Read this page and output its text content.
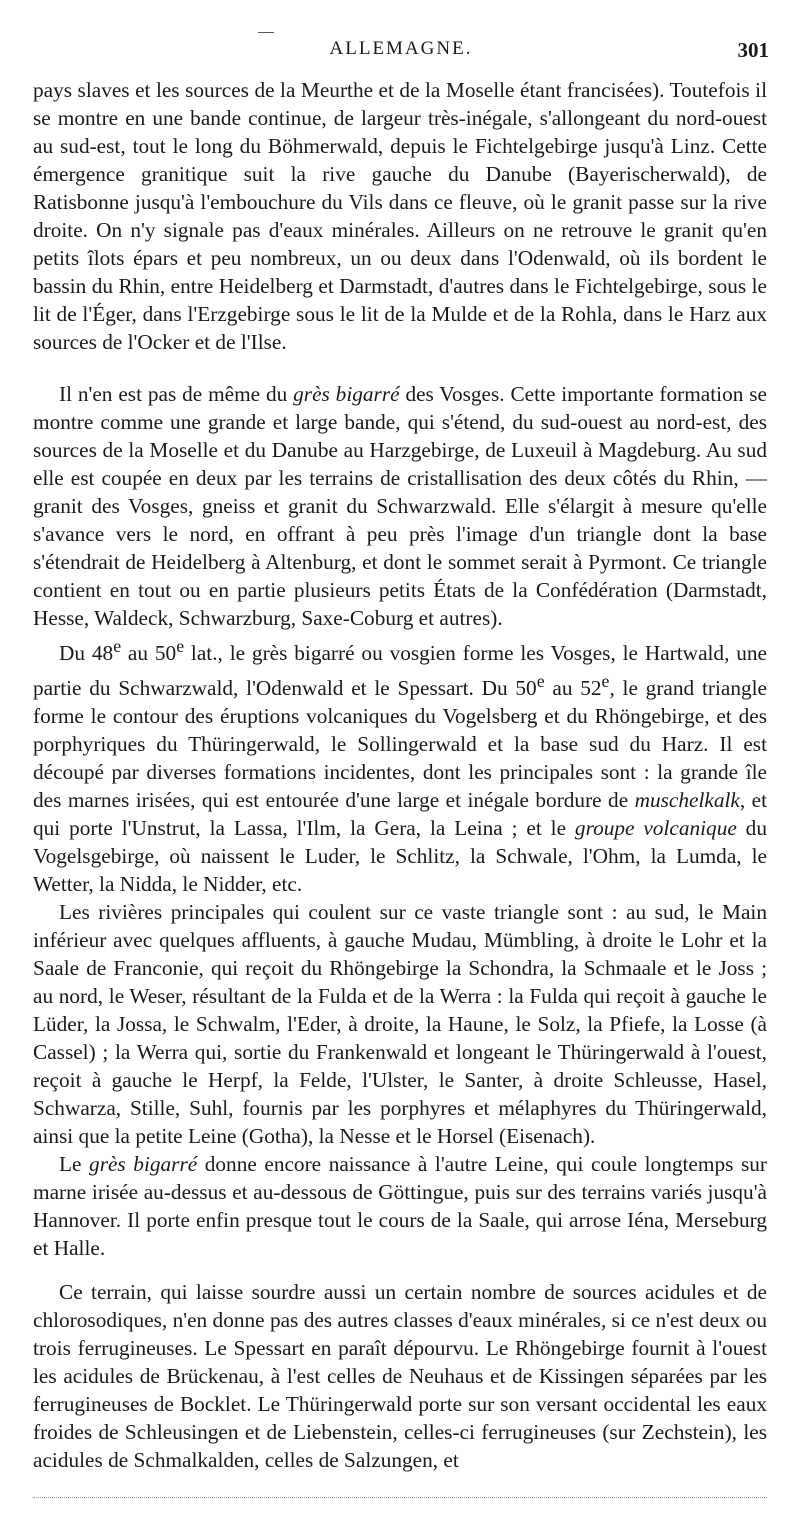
ALLEMAGNE.	301

pays slaves et les sources de la Meurthe et de la Moselle étant francisées). Toutefois il se montre en une bande continue, de largeur très-inégale, s'allongeant du nord-ouest au sud-est, tout le long du Böhmerwald, depuis le Fichtelgebirge jusqu'à Linz. Cette émergence granitique suit la rive gauche du Danube (Bayerischerwald), de Ratisbonne jusqu'à l'embouchure du Vils dans ce fleuve, où le granit passe sur la rive droite. On n'y signale pas d'eaux minérales. Ailleurs on ne retrouve le granit qu'en petits îlots épars et peu nombreux, un ou deux dans l'Odenwald, où ils bordent le bassin du Rhin, entre Heidelberg et Darmstadt, d'autres dans le Fichtelgebirge, sous le lit de l'Éger, dans l'Erzgebirge sous le lit de la Mulde et de la Rohla, dans le Harz aux sources de l'Ocker et de l'Ilse.

Il n'en est pas de même du grès bigarré des Vosges. Cette importante formation se montre comme une grande et large bande, qui s'étend, du sud-ouest au nord-est, des sources de la Moselle et du Danube au Harzgebirge, de Luxeuil à Magdeburg. Au sud elle est coupée en deux par les terrains de cristallisation des deux côtés du Rhin, — granit des Vosges, gneiss et granit du Schwarzwald. Elle s'élargit à mesure qu'elle s'avance vers le nord, en offrant à peu près l'image d'un triangle dont la base s'étendrait de Heidelberg à Altenburg, et dont le sommet serait à Pyrmont. Ce triangle contient en tout ou en partie plusieurs petits États de la Confédération (Darmstadt, Hesse, Waldeck, Schwarzburg, Saxe-Coburg et autres).

Du 48e au 50e lat., le grès bigarré ou vosgien forme les Vosges, le Hartwald, une partie du Schwarzwald, l'Odenwald et le Spessart. Du 50e au 52e, le grand triangle forme le contour des éruptions volcaniques du Vogelsberg et du Rhöngebirge, et des porphyriques du Thüringerwald, le Sollingerwald et la base sud du Harz. Il est découpé par diverses formations incidentes, dont les principales sont : la grande île des marnes irisées, qui est entourée d'une large et inégale bordure de muschelkalk, et qui porte l'Unstrut, la Lassa, l'Ilm, la Gera, la Leina ; et le groupe volcanique du Vogelsgebirge, où naissent le Luder, le Schlitz, la Schwale, l'Ohm, la Lumda, le Wetter, la Nidda, le Nidder, etc.

Les rivières principales qui coulent sur ce vaste triangle sont : au sud, le Main inférieur avec quelques affluents, à gauche Mudau, Mümbling, à droite le Lohr et la Saale de Franconie, qui reçoit du Rhöngebirge la Schondra, la Schmaale et le Joss ; au nord, le Weser, résultant de la Fulda et de la Werra : la Fulda qui reçoit à gauche le Lüder, la Jossa, le Schwalm, l'Eder, à droite, la Haune, le Solz, la Pfiefe, la Losse (à Cassel) ; la Werra qui, sortie du Frankenwald et longeant le Thüringerwald à l'ouest, reçoit à gauche le Herpf, la Felde, l'Ulster, le Santer, à droite Schleusse, Hasel, Schwarza, Stille, Suhl, fournis par les porphyres et mélaphyres du Thüringerwald, ainsi que la petite Leine (Gotha), la Nesse et le Horsel (Eisenach).

Le grès bigarré donne encore naissance à l'autre Leine, qui coule longtemps sur marne irisée au-dessus et au-dessous de Göttingue, puis sur des terrains variés jusqu'à Hannover. Il porte enfin presque tout le cours de la Saale, qui arrose Iéna, Merseburg et Halle.

Ce terrain, qui laisse sourdre aussi un certain nombre de sources acidules et de chlorosodiques, n'en donne pas des autres classes d'eaux minérales, si ce n'est deux ou trois ferrugineuses. Le Spessart en paraît dépourvu. Le Rhöngebirge fournit à l'ouest les acidules de Brückenau, à l'est celles de Neuhaus et de Kissingen séparées par les ferrugineuses de Bocklet. Le Thüringerwald porte sur son versant occidental les eaux froides de Schleusingen et de Liebenstein, celles-ci ferrugineuses (sur Zechstein), les acidules de Schmalkalden, celles de Salzungen, et
